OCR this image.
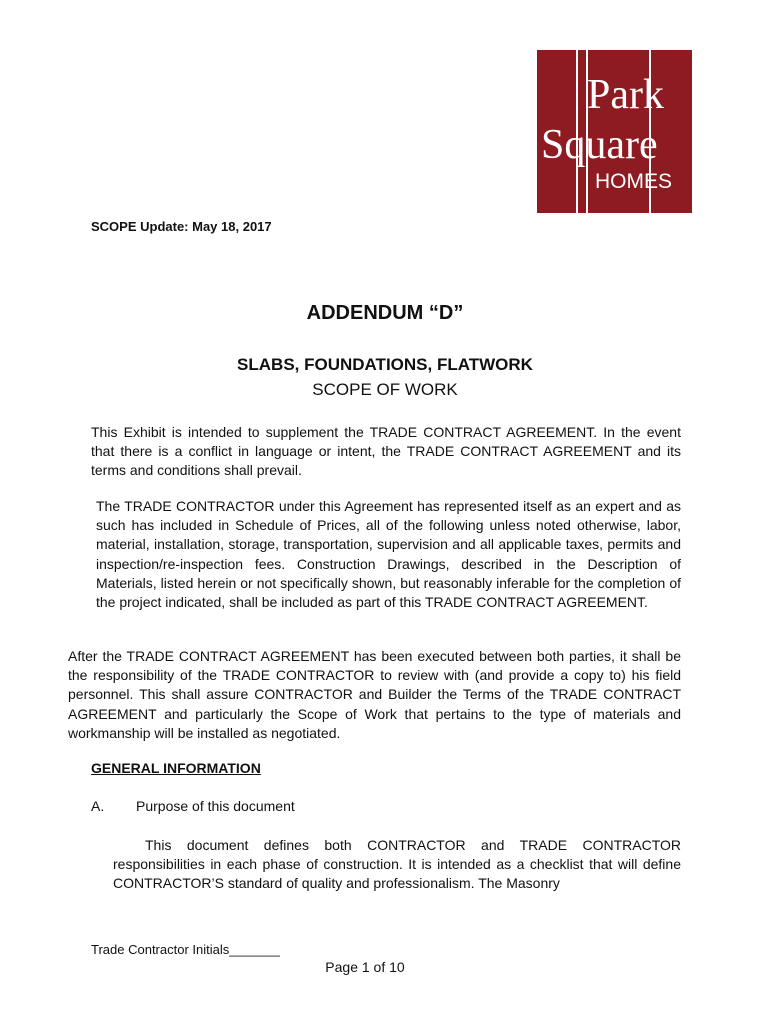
Park
Square
HOMES
SCOPE Update: May 18, 2017
ADDENDUM “D”
SLABS, FOUNDATIONS, FLATWORK
SCOPE OF WORK

This Exhibit is intended to supplement the TRADE CONTRACT AGREEMENT. In the event that there is a conflict in language or intent, the TRADE CONTRACT AGREEMENT and its terms and conditions shall prevail.

The TRADE CONTRACTOR under this Agreement has represented itself as an expert and as such has included in Schedule of Prices, all of the following unless noted otherwise, labor, material, installation, storage, transportation, supervision and all applicable taxes, permits and inspection/re-inspection fees. Construction Drawings, described in the Description of Materials, listed herein or not specifically shown, but reasonably inferable for the completion of the project indicated, shall be included as part of this TRADE CONTRACT AGREEMENT.

After the TRADE CONTRACT AGREEMENT has been executed between both parties, it shall be the responsibility of the TRADE CONTRACTOR to review with (and provide a copy to) his field personnel. This shall assure CONTRACTOR and Builder the Terms of the TRADE CONTRACT AGREEMENT and particularly the Scope of Work that pertains to the type of materials and workmanship will be installed as negotiated.

GENERAL INFORMATION
A. Purpose of this document

This document defines both CONTRACTOR and TRADE CONTRACTOR responsibilities in each phase of construction. It is intended as a checklist that will define CONTRACTOR’S standard of quality and professionalism. The Masonry

Trade Contractor Initials_______
Page 1 of 10
